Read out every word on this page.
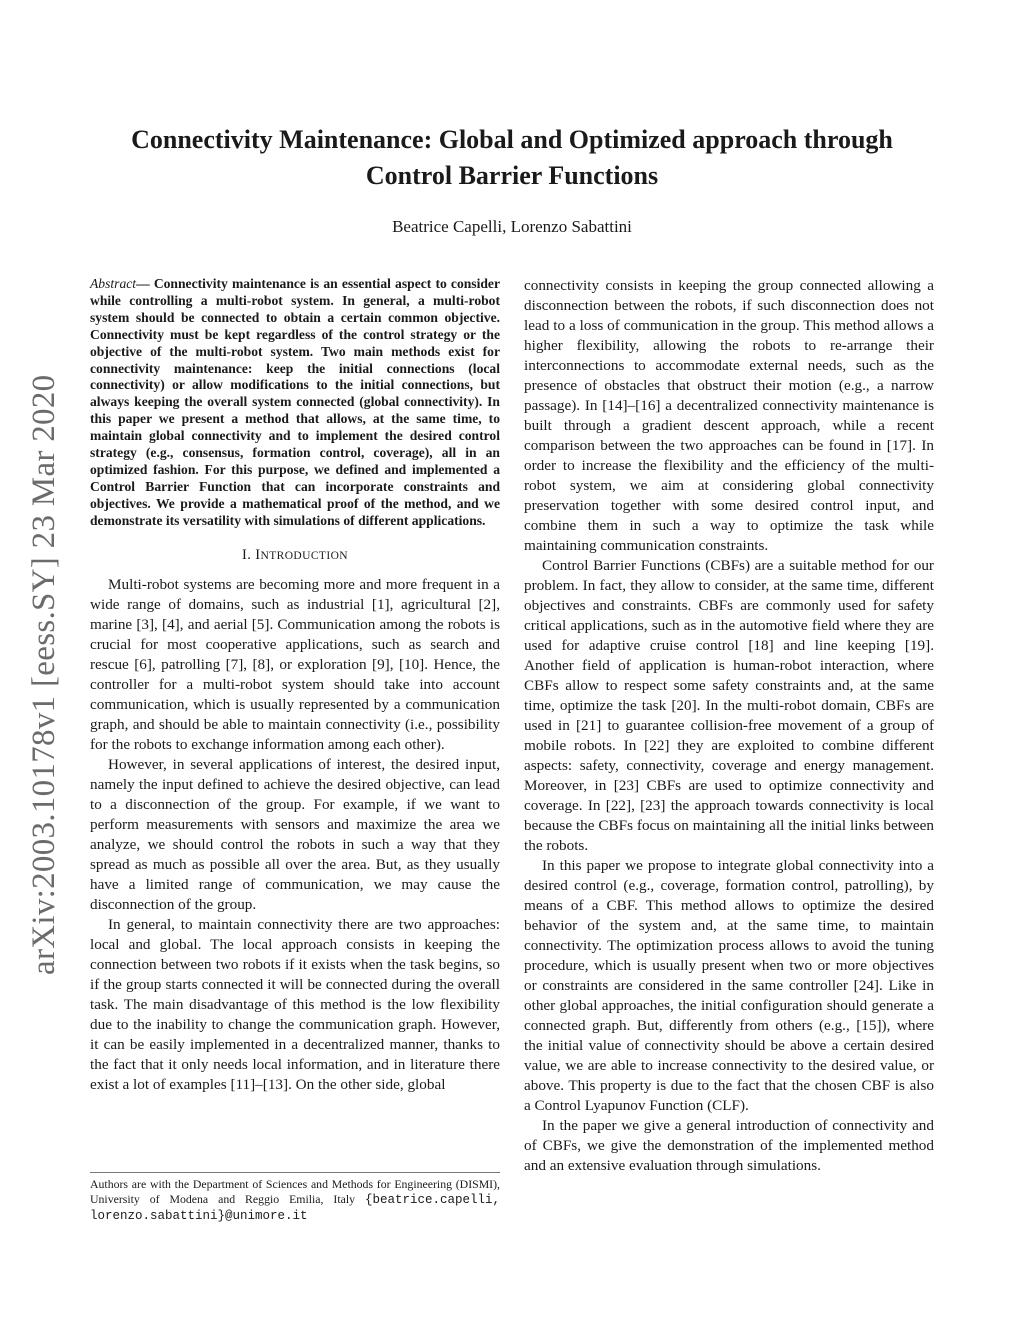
Connectivity Maintenance: Global and Optimized approach through Control Barrier Functions
Beatrice Capelli, Lorenzo Sabattini
arXiv:2003.10178v1 [eess.SY] 23 Mar 2020

Abstract— Connectivity maintenance is an essential aspect to consider while controlling a multi-robot system. In general, a multi-robot system should be connected to obtain a certain common objective. Connectivity must be kept regardless of the control strategy or the objective of the multi-robot system. Two main methods exist for connectivity maintenance: keep the initial connections (local connectivity) or allow modifications to the initial connections, but always keeping the overall system connected (global connectivity). In this paper we present a method that allows, at the same time, to maintain global connectivity and to implement the desired control strategy (e.g., consensus, formation control, coverage), all in an optimized fashion. For this purpose, we defined and implemented a Control Barrier Function that can incorporate constraints and objectives. We provide a mathematical proof of the method, and we demonstrate its versatility with simulations of different applications.

I. INTRODUCTION

Multi-robot systems are becoming more and more frequent in a wide range of domains, such as industrial [1], agricultural [2], marine [3], [4], and aerial [5]. Communication among the robots is crucial for most cooperative applications, such as search and rescue [6], patrolling [7], [8], or exploration [9], [10]. Hence, the controller for a multi-robot system should take into account communication, which is usually represented by a communication graph, and should be able to maintain connectivity (i.e., possibility for the robots to exchange information among each other).

However, in several applications of interest, the desired input, namely the input defined to achieve the desired objective, can lead to a disconnection of the group. For example, if we want to perform measurements with sensors and maximize the area we analyze, we should control the robots in such a way that they spread as much as possible all over the area. But, as they usually have a limited range of communication, we may cause the disconnection of the group.

In general, to maintain connectivity there are two approaches: local and global. The local approach consists in keeping the connection between two robots if it exists when the task begins, so if the group starts connected it will be connected during the overall task. The main disadvantage of this method is the low flexibility due to the inability to change the communication graph. However, it can be easily implemented in a decentralized manner, thanks to the fact that it only needs local information, and in literature there exist a lot of examples [11]–[13]. On the other side, global

Authors are with the Department of Sciences and Methods for Engineering (DISMI), University of Modena and Reggio Emilia, Italy {beatrice.capelli, lorenzo.sabattini}@unimore.it

connectivity consists in keeping the group connected allowing a disconnection between the robots, if such disconnection does not lead to a loss of communication in the group. This method allows a higher flexibility, allowing the robots to re-arrange their interconnections to accommodate external needs, such as the presence of obstacles that obstruct their motion (e.g., a narrow passage). In [14]–[16] a decentralized connectivity maintenance is built through a gradient descent approach, while a recent comparison between the two approaches can be found in [17]. In order to increase the flexibility and the efficiency of the multi-robot system, we aim at considering global connectivity preservation together with some desired control input, and combine them in such a way to optimize the task while maintaining communication constraints.

Control Barrier Functions (CBFs) are a suitable method for our problem. In fact, they allow to consider, at the same time, different objectives and constraints. CBFs are commonly used for safety critical applications, such as in the automotive field where they are used for adaptive cruise control [18] and line keeping [19]. Another field of application is human-robot interaction, where CBFs allow to respect some safety constraints and, at the same time, optimize the task [20]. In the multi-robot domain, CBFs are used in [21] to guarantee collision-free movement of a group of mobile robots. In [22] they are exploited to combine different aspects: safety, connectivity, coverage and energy management. Moreover, in [23] CBFs are used to optimize connectivity and coverage. In [22], [23] the approach towards connectivity is local because the CBFs focus on maintaining all the initial links between the robots.

In this paper we propose to integrate global connectivity into a desired control (e.g., coverage, formation control, patrolling), by means of a CBF. This method allows to optimize the desired behavior of the system and, at the same time, to maintain connectivity. The optimization process allows to avoid the tuning procedure, which is usually present when two or more objectives or constraints are considered in the same controller [24]. Like in other global approaches, the initial configuration should generate a connected graph. But, differently from others (e.g., [15]), where the initial value of connectivity should be above a certain desired value, we are able to increase connectivity to the desired value, or above. This property is due to the fact that the chosen CBF is also a Control Lyapunov Function (CLF).

In the paper we give a general introduction of connectivity and of CBFs, we give the demonstration of the implemented method and an extensive evaluation through simulations.
